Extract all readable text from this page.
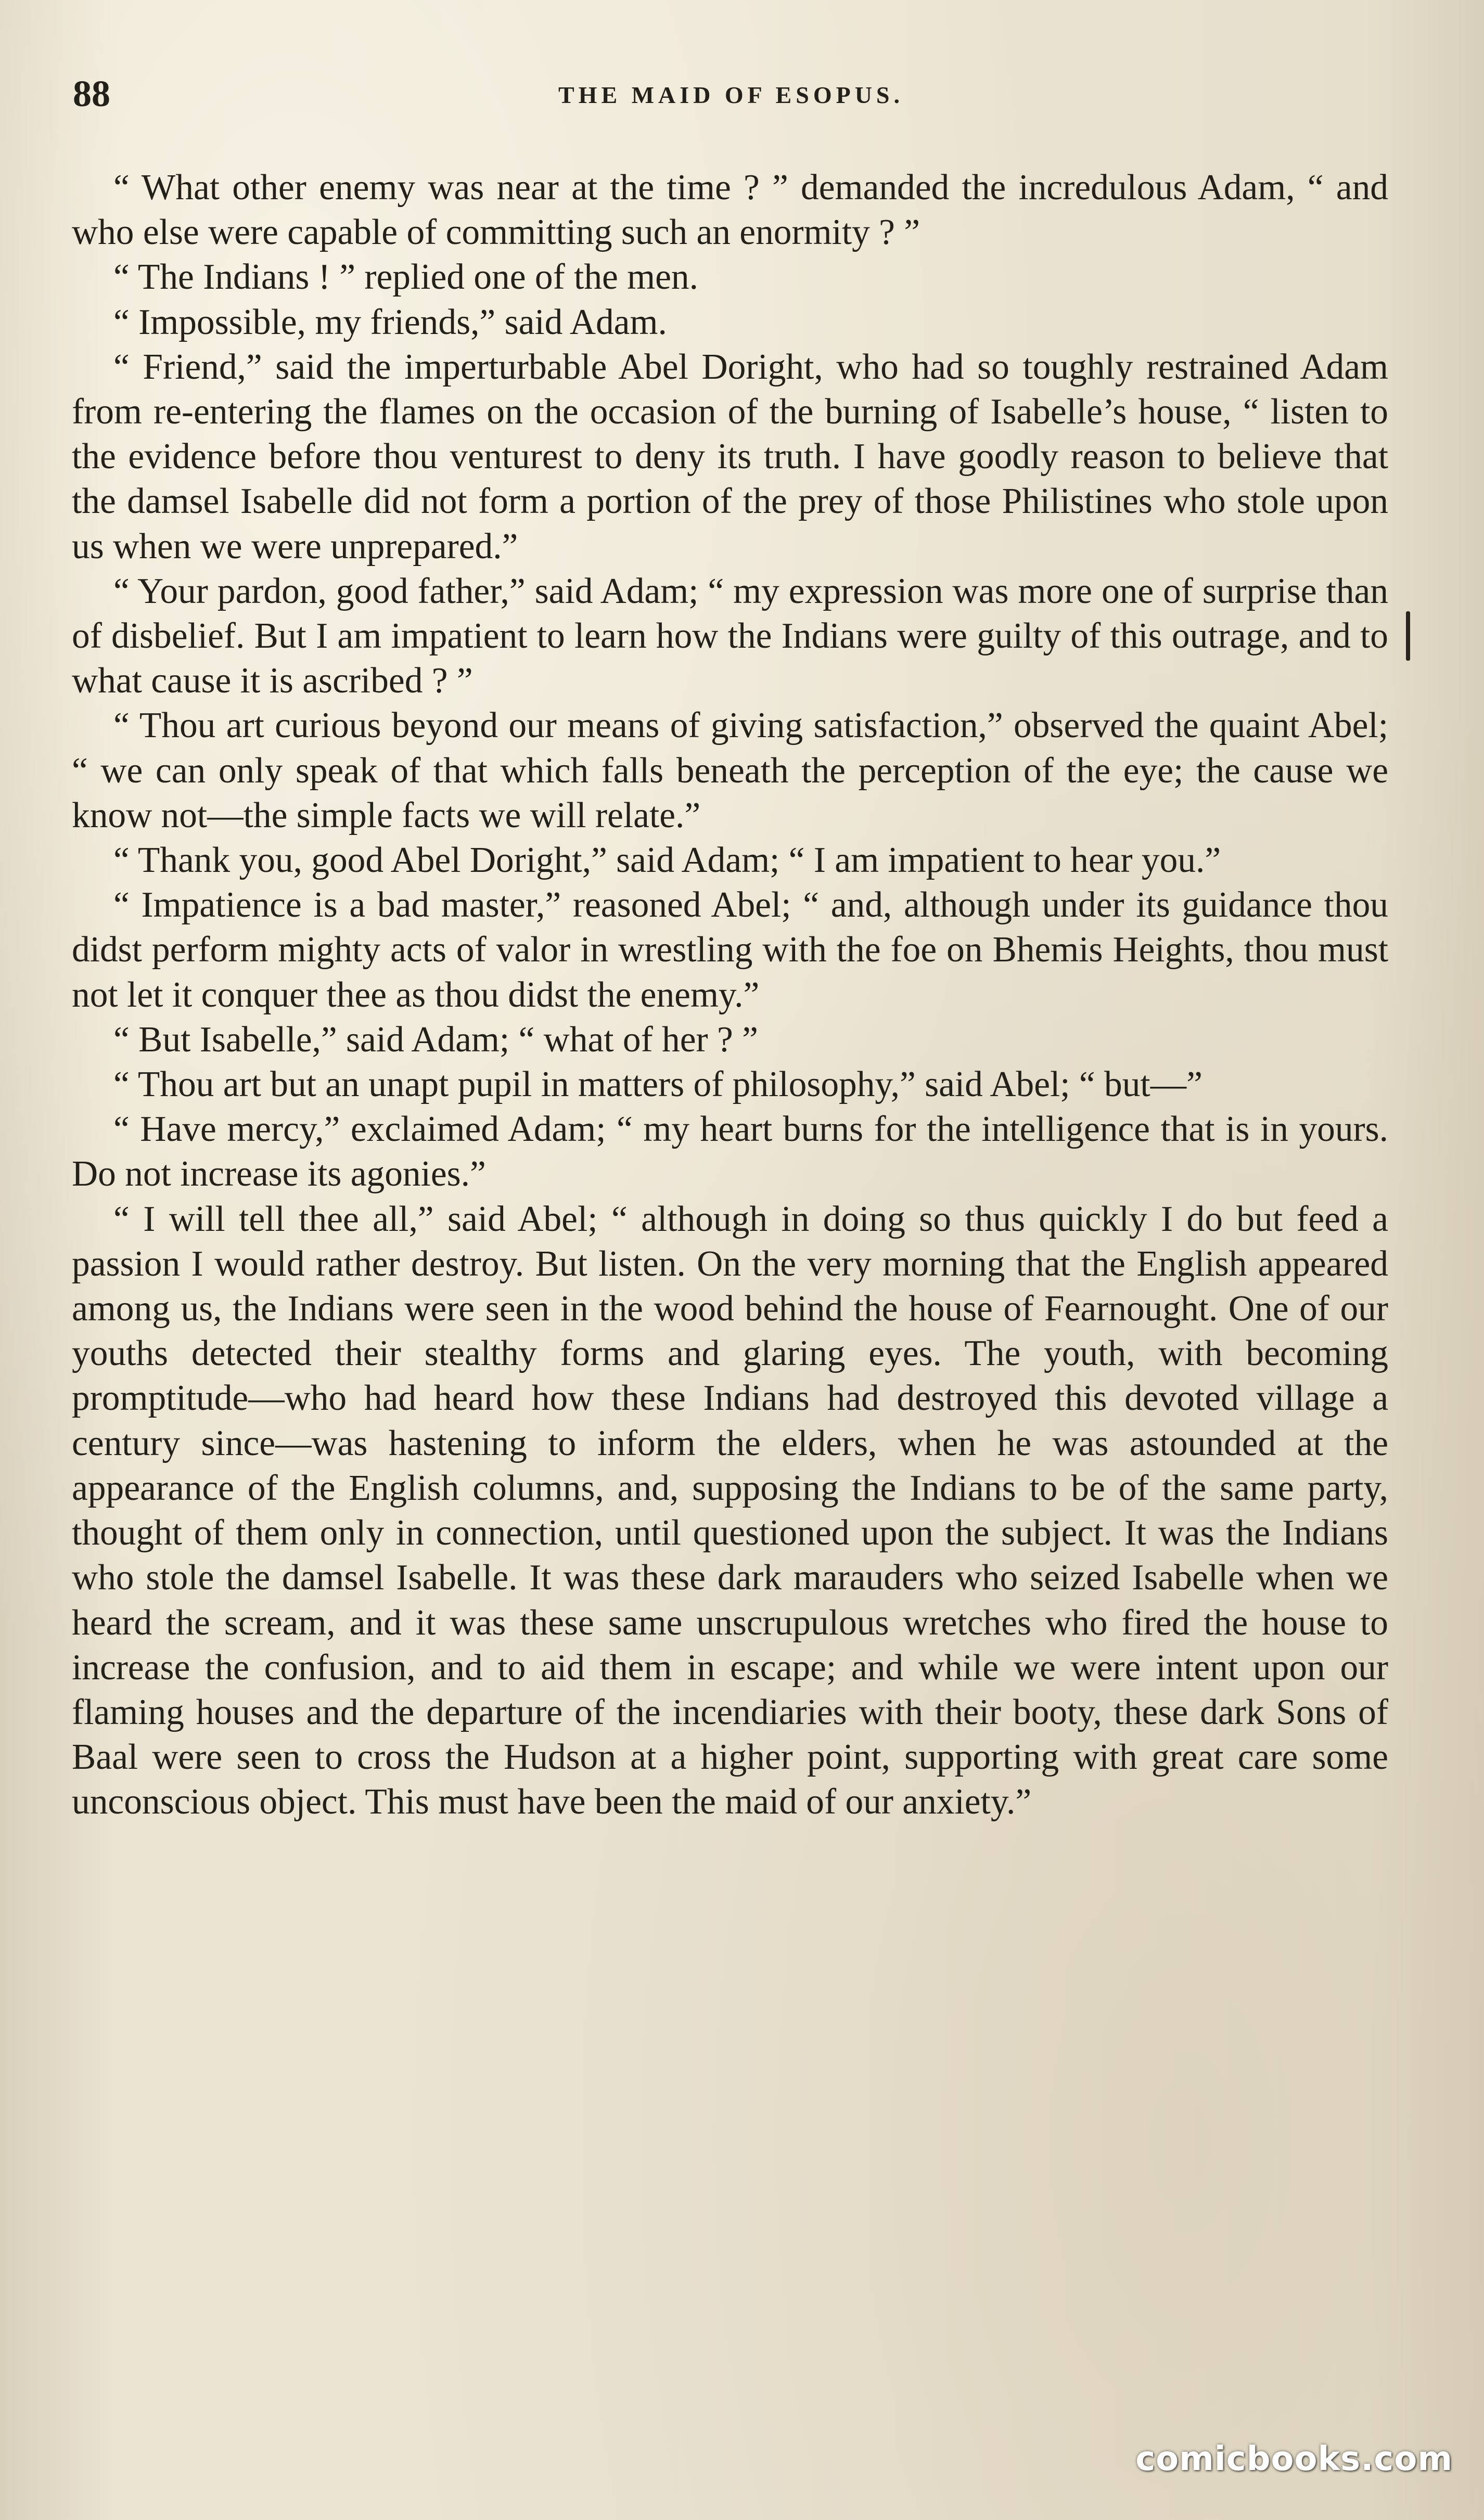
88	THE MAID OF ESOPUS.

“ What other enemy was near at the time ? ” demanded the incredulous Adam, “ and who else were capable of committing such an enormity ? ”

“ The Indians ! ” replied one of the men.

“ Impossible, my friends,” said Adam.

“ Friend,” said the imperturbable Abel Doright, who had so toughly restrained Adam from re-entering the flames on the occasion of the burning of Isabelle’s house, “ listen to the evidence before thou venturest to deny its truth. I have goodly reason to believe that the damsel Isabelle did not form a portion of the prey of those Philistines who stole upon us when we were unprepared.”

“ Your pardon, good father,” said Adam; “ my expression was more one of surprise than of disbelief. But I am impatient to learn how the Indians were guilty of this outrage, and to what cause it is ascribed ? ”

“ Thou art curious beyond our means of giving satisfaction,” observed the quaint Abel; “ we can only speak of that which falls beneath the perception of the eye; the cause we know not—the simple facts we will relate.”

“ Thank you, good Abel Doright,” said Adam; “ I am impatient to hear you.”

“ Impatience is a bad master,” reasoned Abel; “ and, although under its guidance thou didst perform mighty acts of valor in wrestling with the foe on Bhemis Heights, thou must not let it conquer thee as thou didst the enemy.”

“ But Isabelle,” said Adam; “ what of her ? ”

“ Thou art but an unapt pupil in matters of philosophy,” said Abel; “ but—”

“ Have mercy,” exclaimed Adam; “ my heart burns for the intelligence that is in yours. Do not increase its agonies.”

“ I will tell thee all,” said Abel; “ although in doing so thus quickly I do but feed a passion I would rather destroy. But listen. On the very morning that the English appeared among us, the Indians were seen in the wood behind the house of Fearnought. One of our youths detected their stealthy forms and glaring eyes. The youth, with becoming promptitude—who had heard how these Indians had destroyed this devoted village a century since—was hastening to inform the elders, when he was astounded at the appearance of the English columns, and, supposing the Indians to be of the same party, thought of them only in connection, until questioned upon the subject. It was the Indians who stole the damsel Isabelle. It was these dark marauders who seized Isabelle when we heard the scream, and it was these same unscrupulous wretches who fired the house to increase the confusion, and to aid them in escape; and while we were intent upon our flaming houses and the departure of the incendiaries with their booty, these dark Sons of Baal were seen to cross the Hudson at a higher point, supporting with great care some unconscious object. This must have been the maid of our anxiety.”

comicbooks.com
